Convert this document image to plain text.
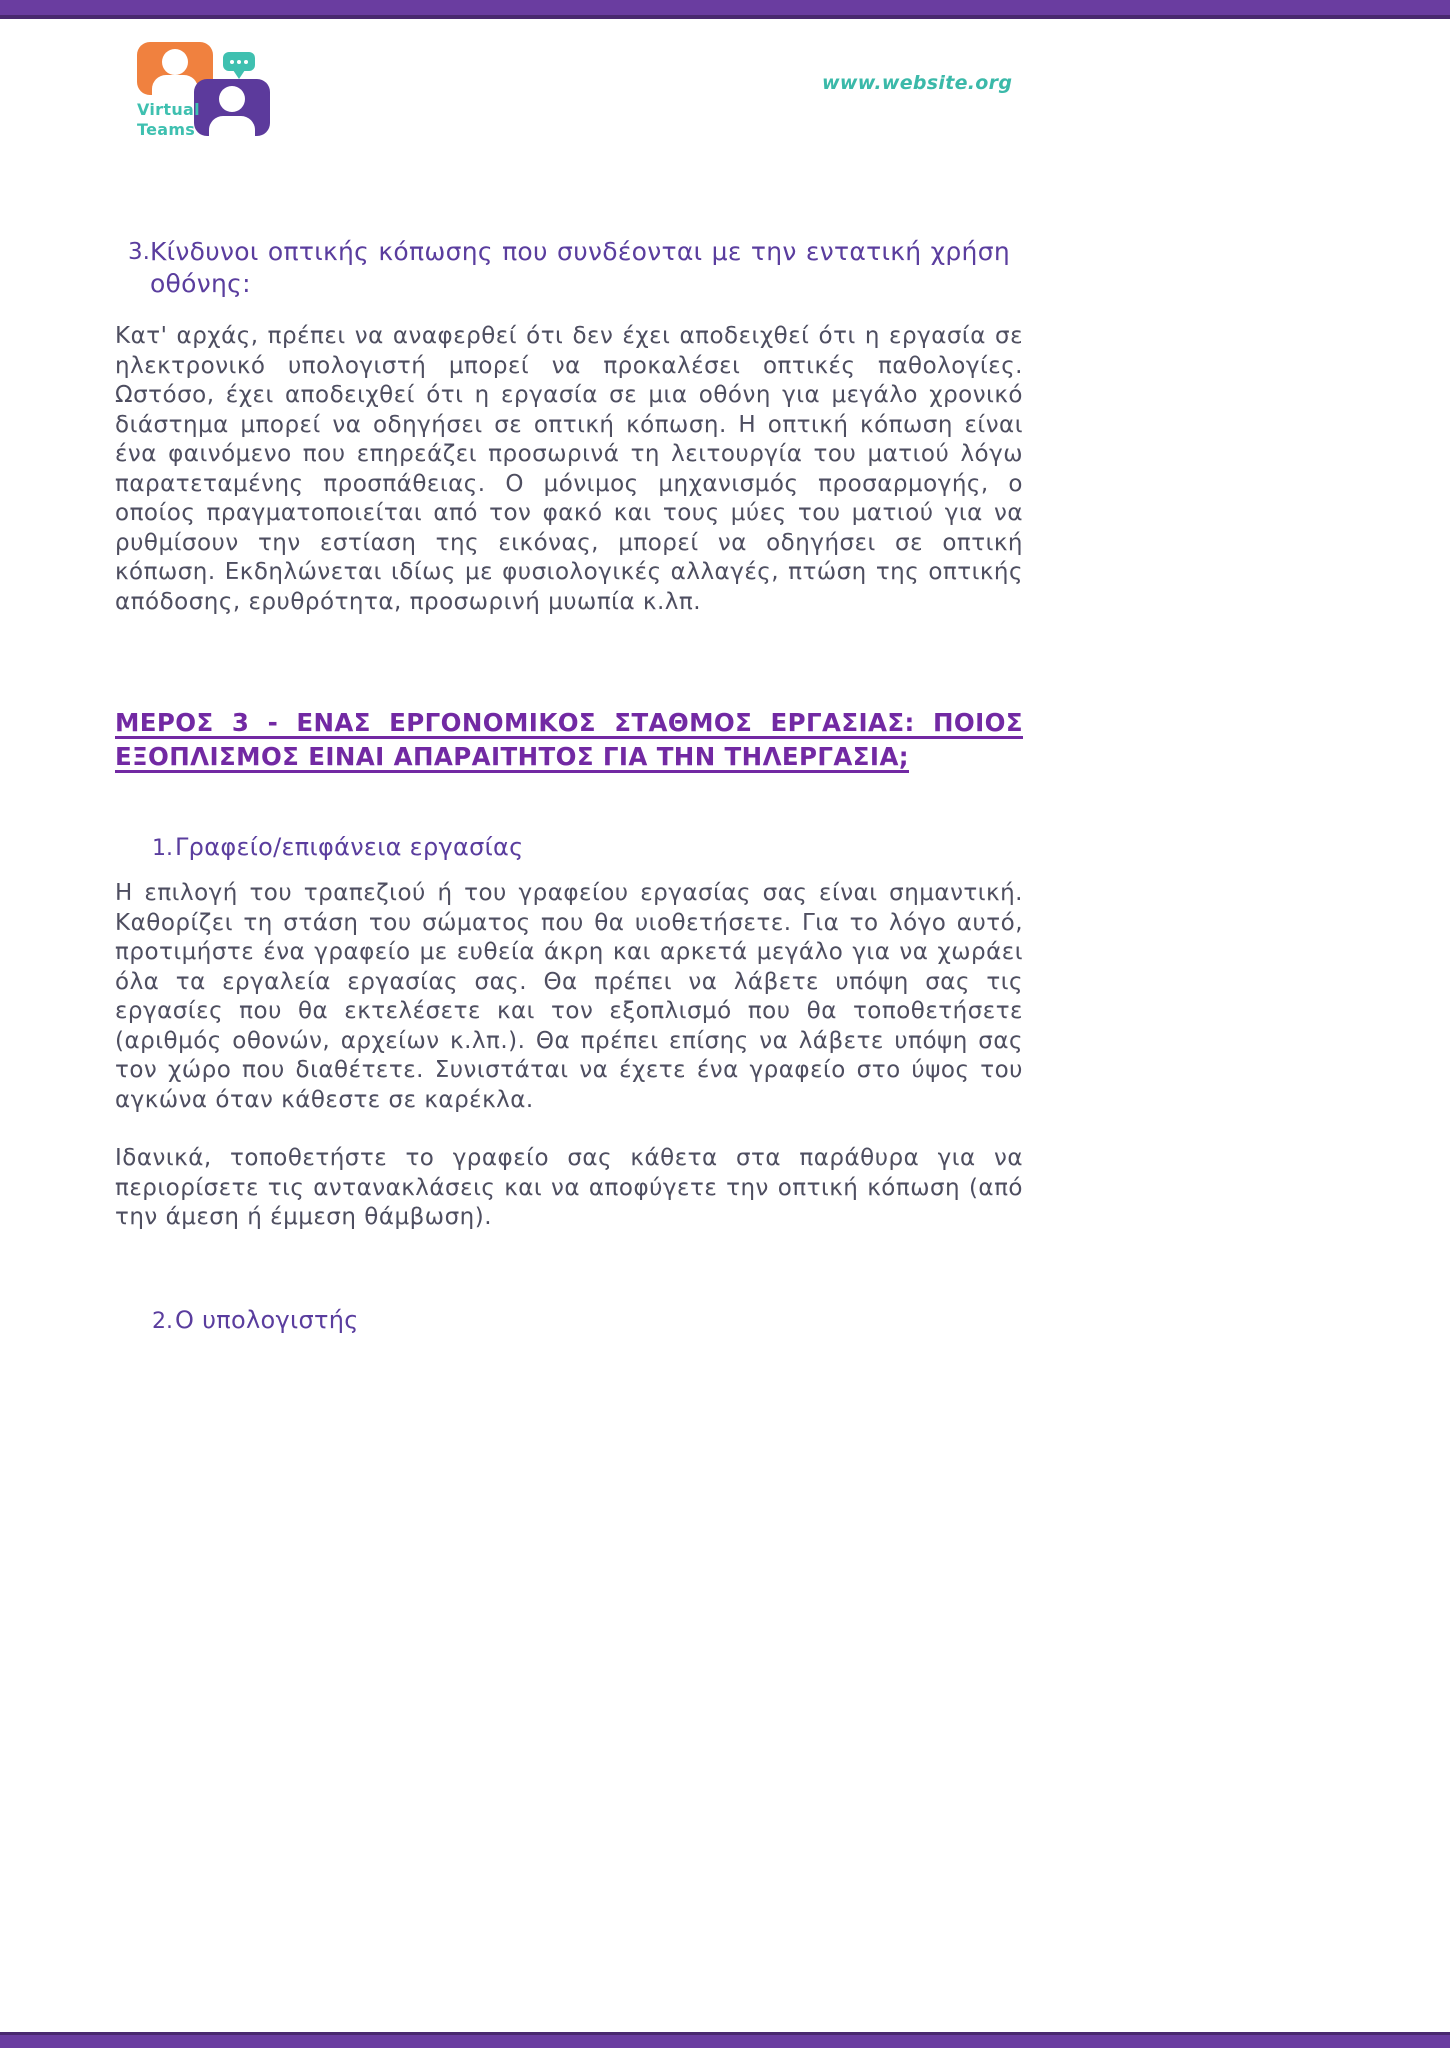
Virtual
Teams
www.website.org
3. Κίνδυνοι οπτικής κόπωσης που συνδέονται με την εντατική χρήση οθόνης:
Κατ' αρχάς, πρέπει να αναφερθεί ότι δεν έχει αποδειχθεί ότι η εργασία σε ηλεκτρονικό υπολογιστή μπορεί να προκαλέσει οπτικές παθολογίες. Ωστόσο, έχει αποδειχθεί ότι η εργασία σε μια οθόνη για μεγάλο χρονικό διάστημα μπορεί να οδηγήσει σε οπτική κόπωση. Η οπτική κόπωση είναι ένα φαινόμενο που επηρεάζει προσωρινά τη λειτουργία του ματιού λόγω παρατεταμένης προσπάθειας. Ο μόνιμος μηχανισμός προσαρμογής, ο οποίος πραγματοποιείται από τον φακό και τους μύες του ματιού για να ρυθμίσουν την εστίαση της εικόνας, μπορεί να οδηγήσει σε οπτική κόπωση. Εκδηλώνεται ιδίως με φυσιολογικές αλλαγές, πτώση της οπτικής απόδοσης, ερυθρότητα, προσωρινή μυωπία κ.λπ.
ΜΕΡΟΣ 3 - ΕΝΑΣ ΕΡΓΟΝΟΜΙΚΟΣ ΣΤΑΘΜΟΣ ΕΡΓΑΣΙΑΣ: ΠΟΙΟΣ ΕΞΟΠΛΙΣΜΟΣ ΕΙΝΑΙ ΑΠΑΡΑΙΤΗΤΟΣ ΓΙΑ ΤΗΝ ΤΗΛΕΡΓΑΣΙΑ;
1. Γραφείο/επιφάνεια εργασίας
Η επιλογή του τραπεζιού ή του γραφείου εργασίας σας είναι σημαντική. Καθορίζει τη στάση του σώματος που θα υιοθετήσετε. Για το λόγο αυτό, προτιμήστε ένα γραφείο με ευθεία άκρη και αρκετά μεγάλο για να χωράει όλα τα εργαλεία εργασίας σας. Θα πρέπει να λάβετε υπόψη σας τις εργασίες που θα εκτελέσετε και τον εξοπλισμό που θα τοποθετήσετε (αριθμός οθονών, αρχείων κ.λπ.). Θα πρέπει επίσης να λάβετε υπόψη σας τον χώρο που διαθέτετε. Συνιστάται να έχετε ένα γραφείο στο ύψος του αγκώνα όταν κάθεστε σε καρέκλα.
Ιδανικά, τοποθετήστε το γραφείο σας κάθετα στα παράθυρα για να περιορίσετε τις αντανακλάσεις και να αποφύγετε την οπτική κόπωση (από την άμεση ή έμμεση θάμβωση).
2. Ο υπολογιστής
